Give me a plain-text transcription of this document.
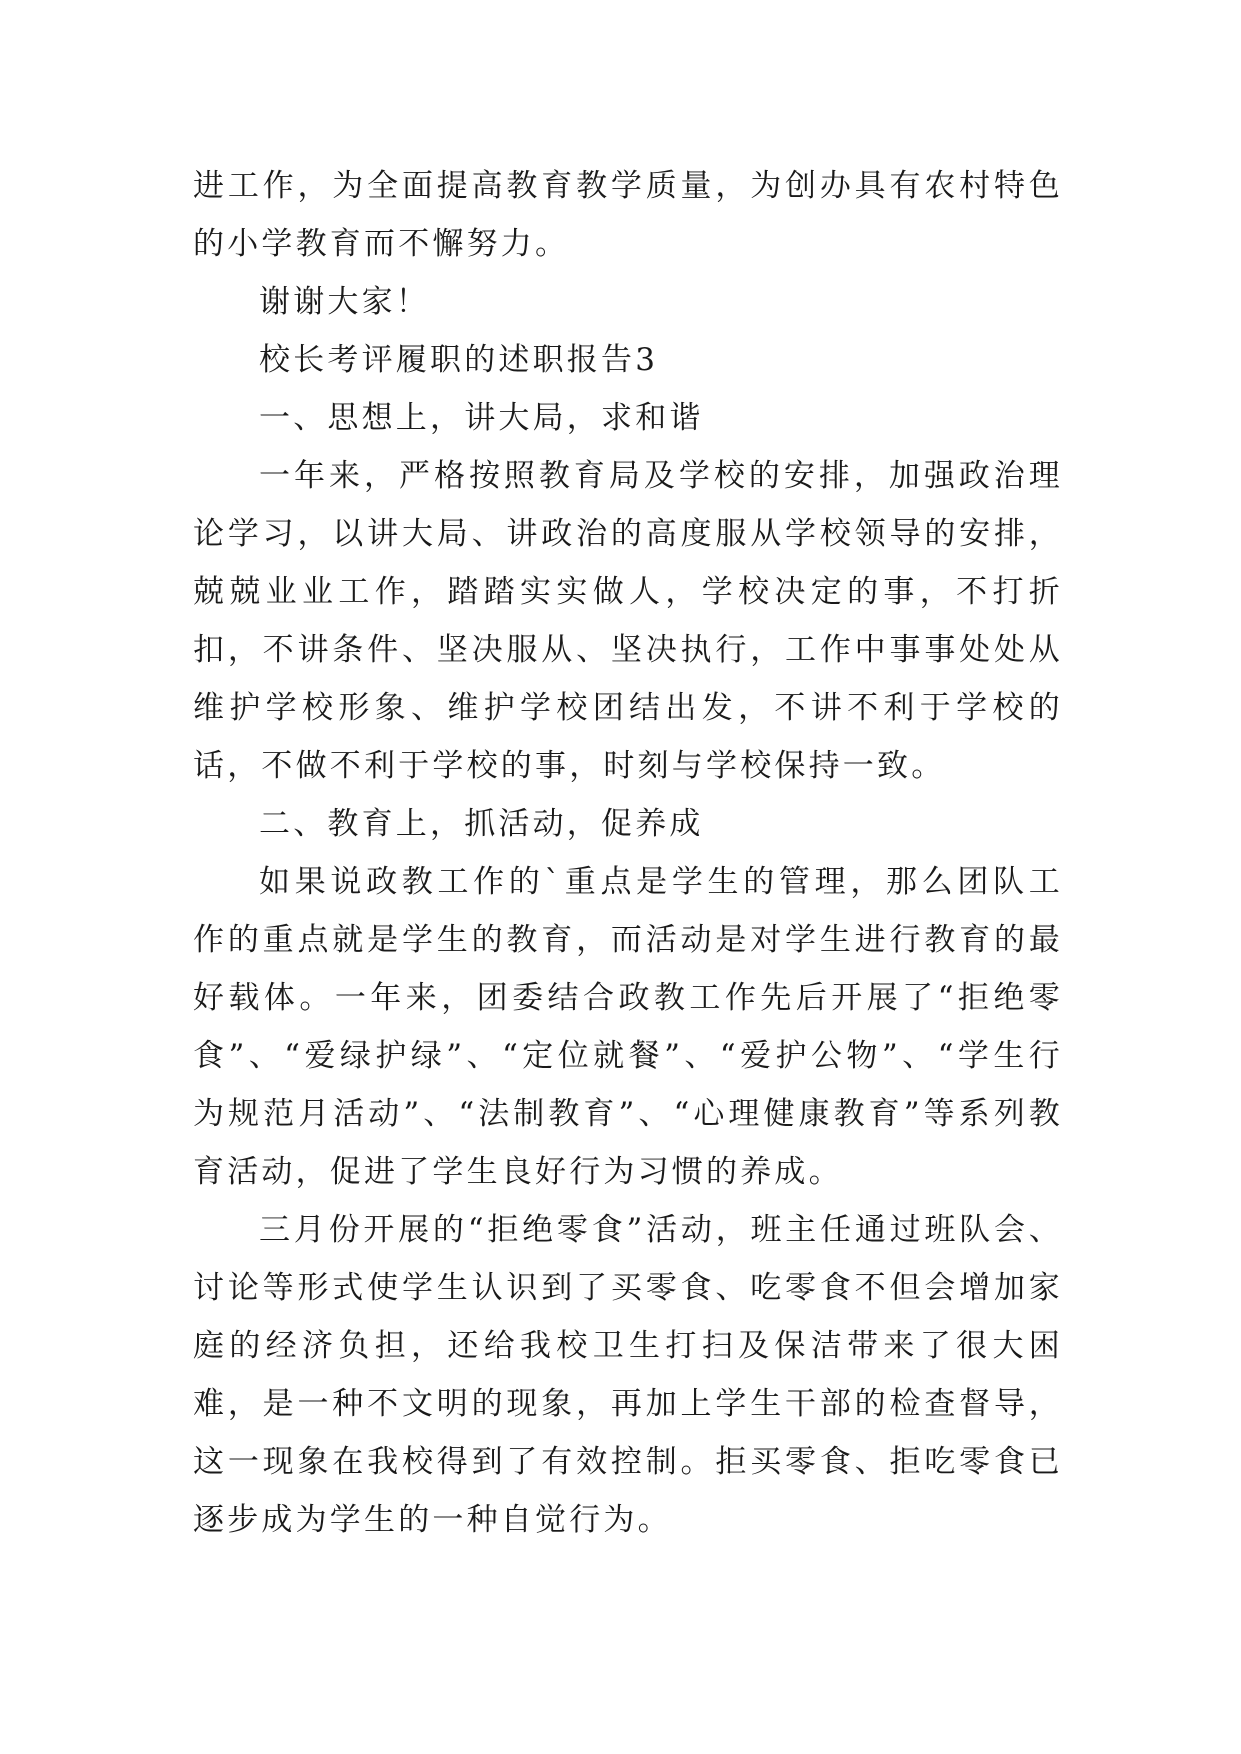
进工作，为全面提高教育教学质量，为创办具有农村特色的小学教育而不懈努力。

谢谢大家！

校长考评履职的述职报告3

一、思想上，讲大局，求和谐

一年来，严格按照教育局及学校的安排，加强政治理论学习，以讲大局、讲政治的高度服从学校领导的安排，兢兢业业工作，踏踏实实做人，学校决定的事，不打折扣，不讲条件、坚决服从、坚决执行，工作中事事处处从维护学校形象、维护学校团结出发，不讲不利于学校的话，不做不利于学校的事，时刻与学校保持一致。

二、教育上，抓活动，促养成

如果说政教工作的`重点是学生的管理，那么团队工作的重点就是学生的教育，而活动是对学生进行教育的最好载体。一年来，团委结合政教工作先后开展了“拒绝零食”、“爱绿护绿”、“定位就餐”、“爱护公物”、“学生行为规范月活动”、“法制教育”、“心理健康教育”等系列教育活动，促进了学生良好行为习惯的养成。

三月份开展的“拒绝零食”活动，班主任通过班队会、讨论等形式使学生认识到了买零食、吃零食不但会增加家庭的经济负担，还给我校卫生打扫及保洁带来了很大困难，是一种不文明的现象，再加上学生干部的检查督导，这一现象在我校得到了有效控制。拒买零食、拒吃零食已逐步成为学生的一种自觉行为。
